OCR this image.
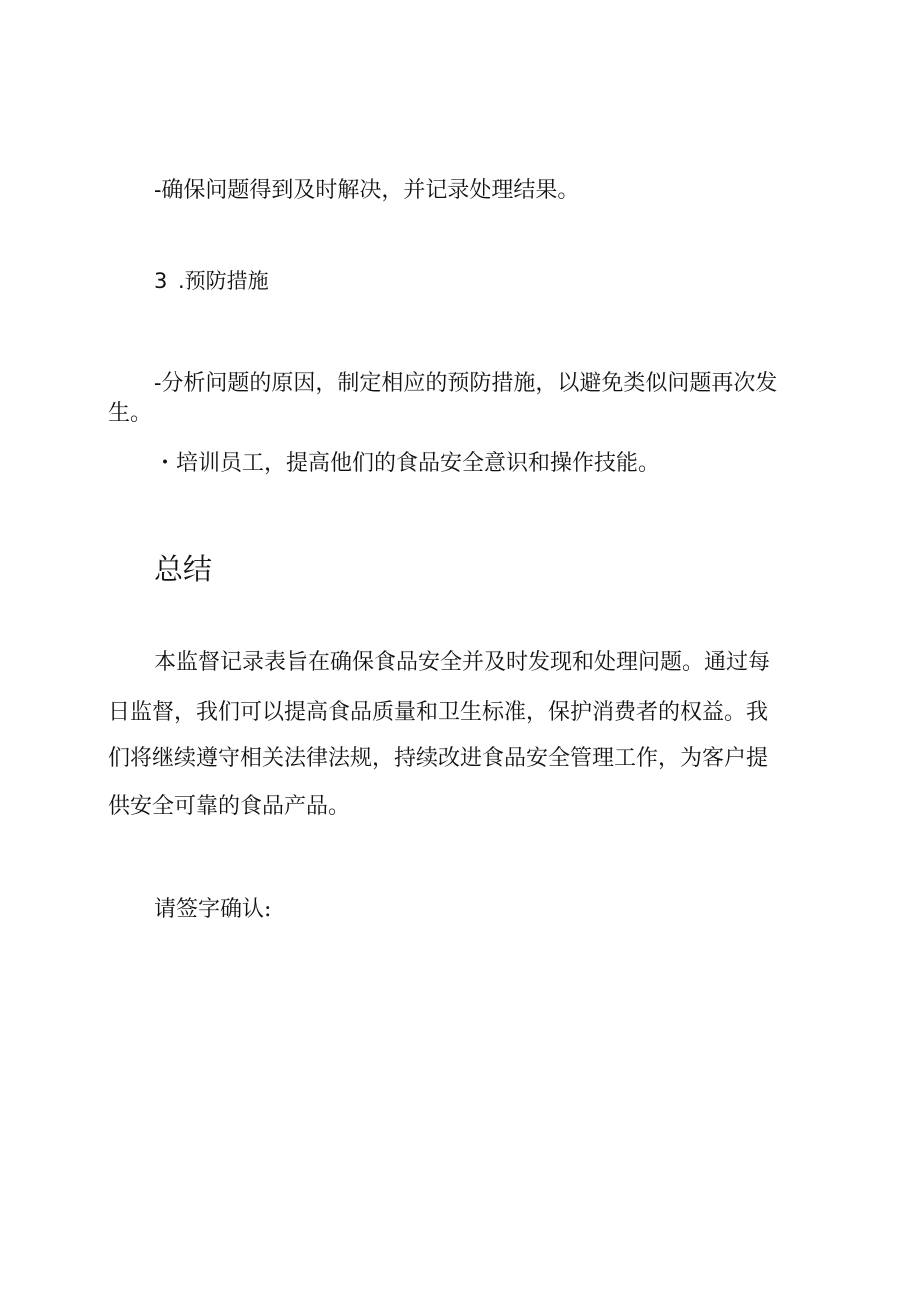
-确保问题得到及时解决，并记录处理结果。
3 .预防措施
-分析问题的原因，制定相应的预防措施，以避免类似问题再次发
生。
・培训员工，提高他们的食品安全意识和操作技能。
总结
本监督记录表旨在确保食品安全并及时发现和处理问题。通过每
日监督，我们可以提高食品质量和卫生标准，保护消费者的权益。我
们将继续遵守相关法律法规，持续改进食品安全管理工作，为客户提
供安全可靠的食品产品。
请签字确认:
